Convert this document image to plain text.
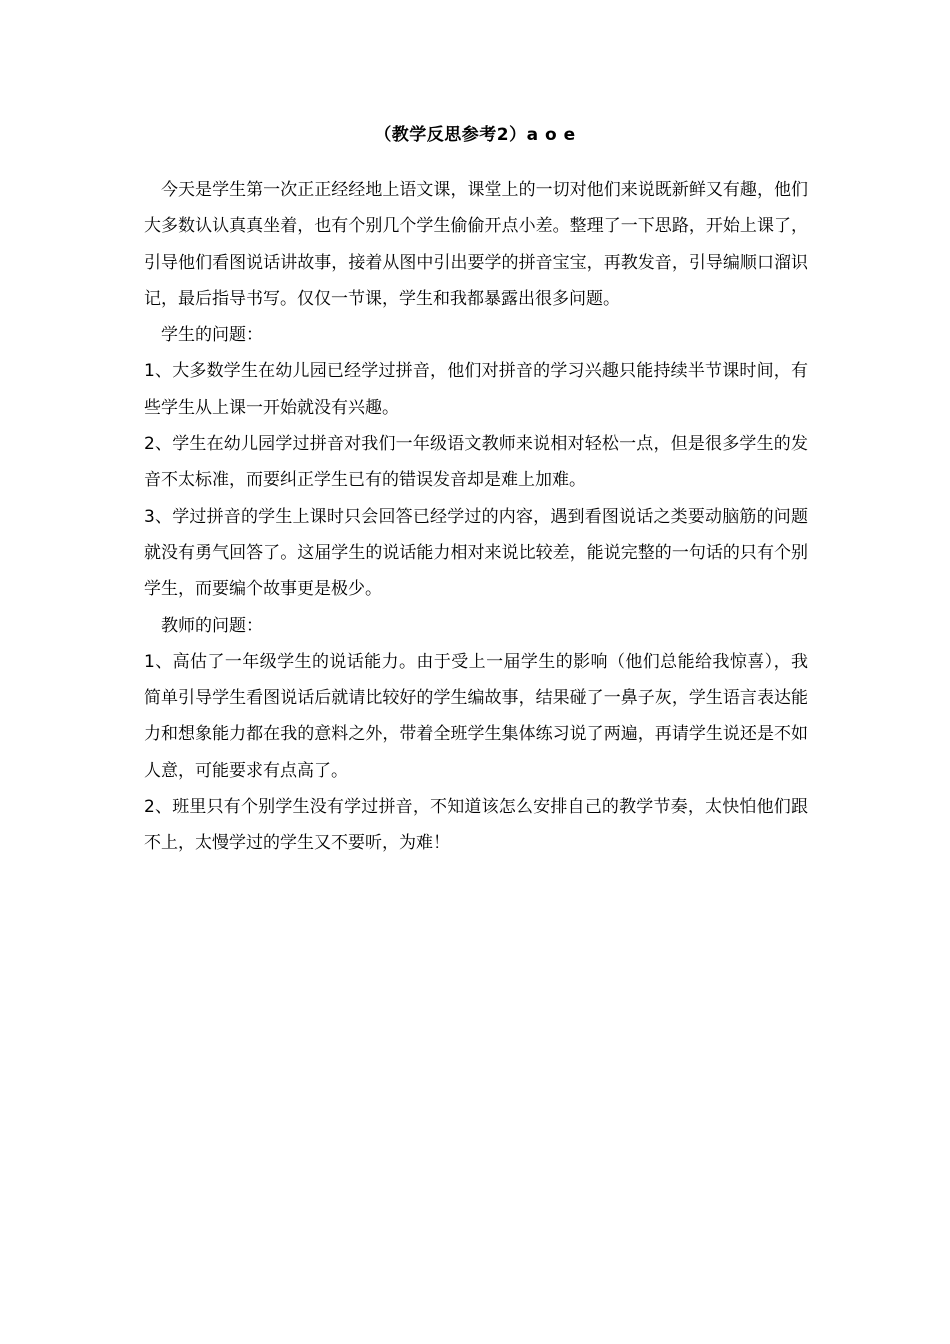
（教学反思参考2）a o e

今天是学生第一次正正经经地上语文课，课堂上的一切对他们来说既新鲜又有趣，他们大多数认认真真坐着，也有个别几个学生偷偷开点小差。整理了一下思路，开始上课了，引导他们看图说话讲故事，接着从图中引出要学的拼音宝宝，再教发音，引导编顺口溜识记，最后指导书写。仅仅一节课，学生和我都暴露出很多问题。

学生的问题：

1、大多数学生在幼儿园已经学过拼音，他们对拼音的学习兴趣只能持续半节课时间，有些学生从上课一开始就没有兴趣。

2、学生在幼儿园学过拼音对我们一年级语文教师来说相对轻松一点，但是很多学生的发音不太标准，而要纠正学生已有的错误发音却是难上加难。

3、学过拼音的学生上课时只会回答已经学过的内容，遇到看图说话之类要动脑筋的问题就没有勇气回答了。这届学生的说话能力相对来说比较差，能说完整的一句话的只有个别学生，而要编个故事更是极少。

教师的问题：

1、高估了一年级学生的说话能力。由于受上一届学生的影响（他们总能给我惊喜），我简单引导学生看图说话后就请比较好的学生编故事，结果碰了一鼻子灰，学生语言表达能力和想象能力都在我的意料之外，带着全班学生集体练习说了两遍，再请学生说还是不如人意，可能要求有点高了。

2、班里只有个别学生没有学过拼音，不知道该怎么安排自己的教学节奏，太快怕他们跟不上，太慢学过的学生又不要听，为难！
